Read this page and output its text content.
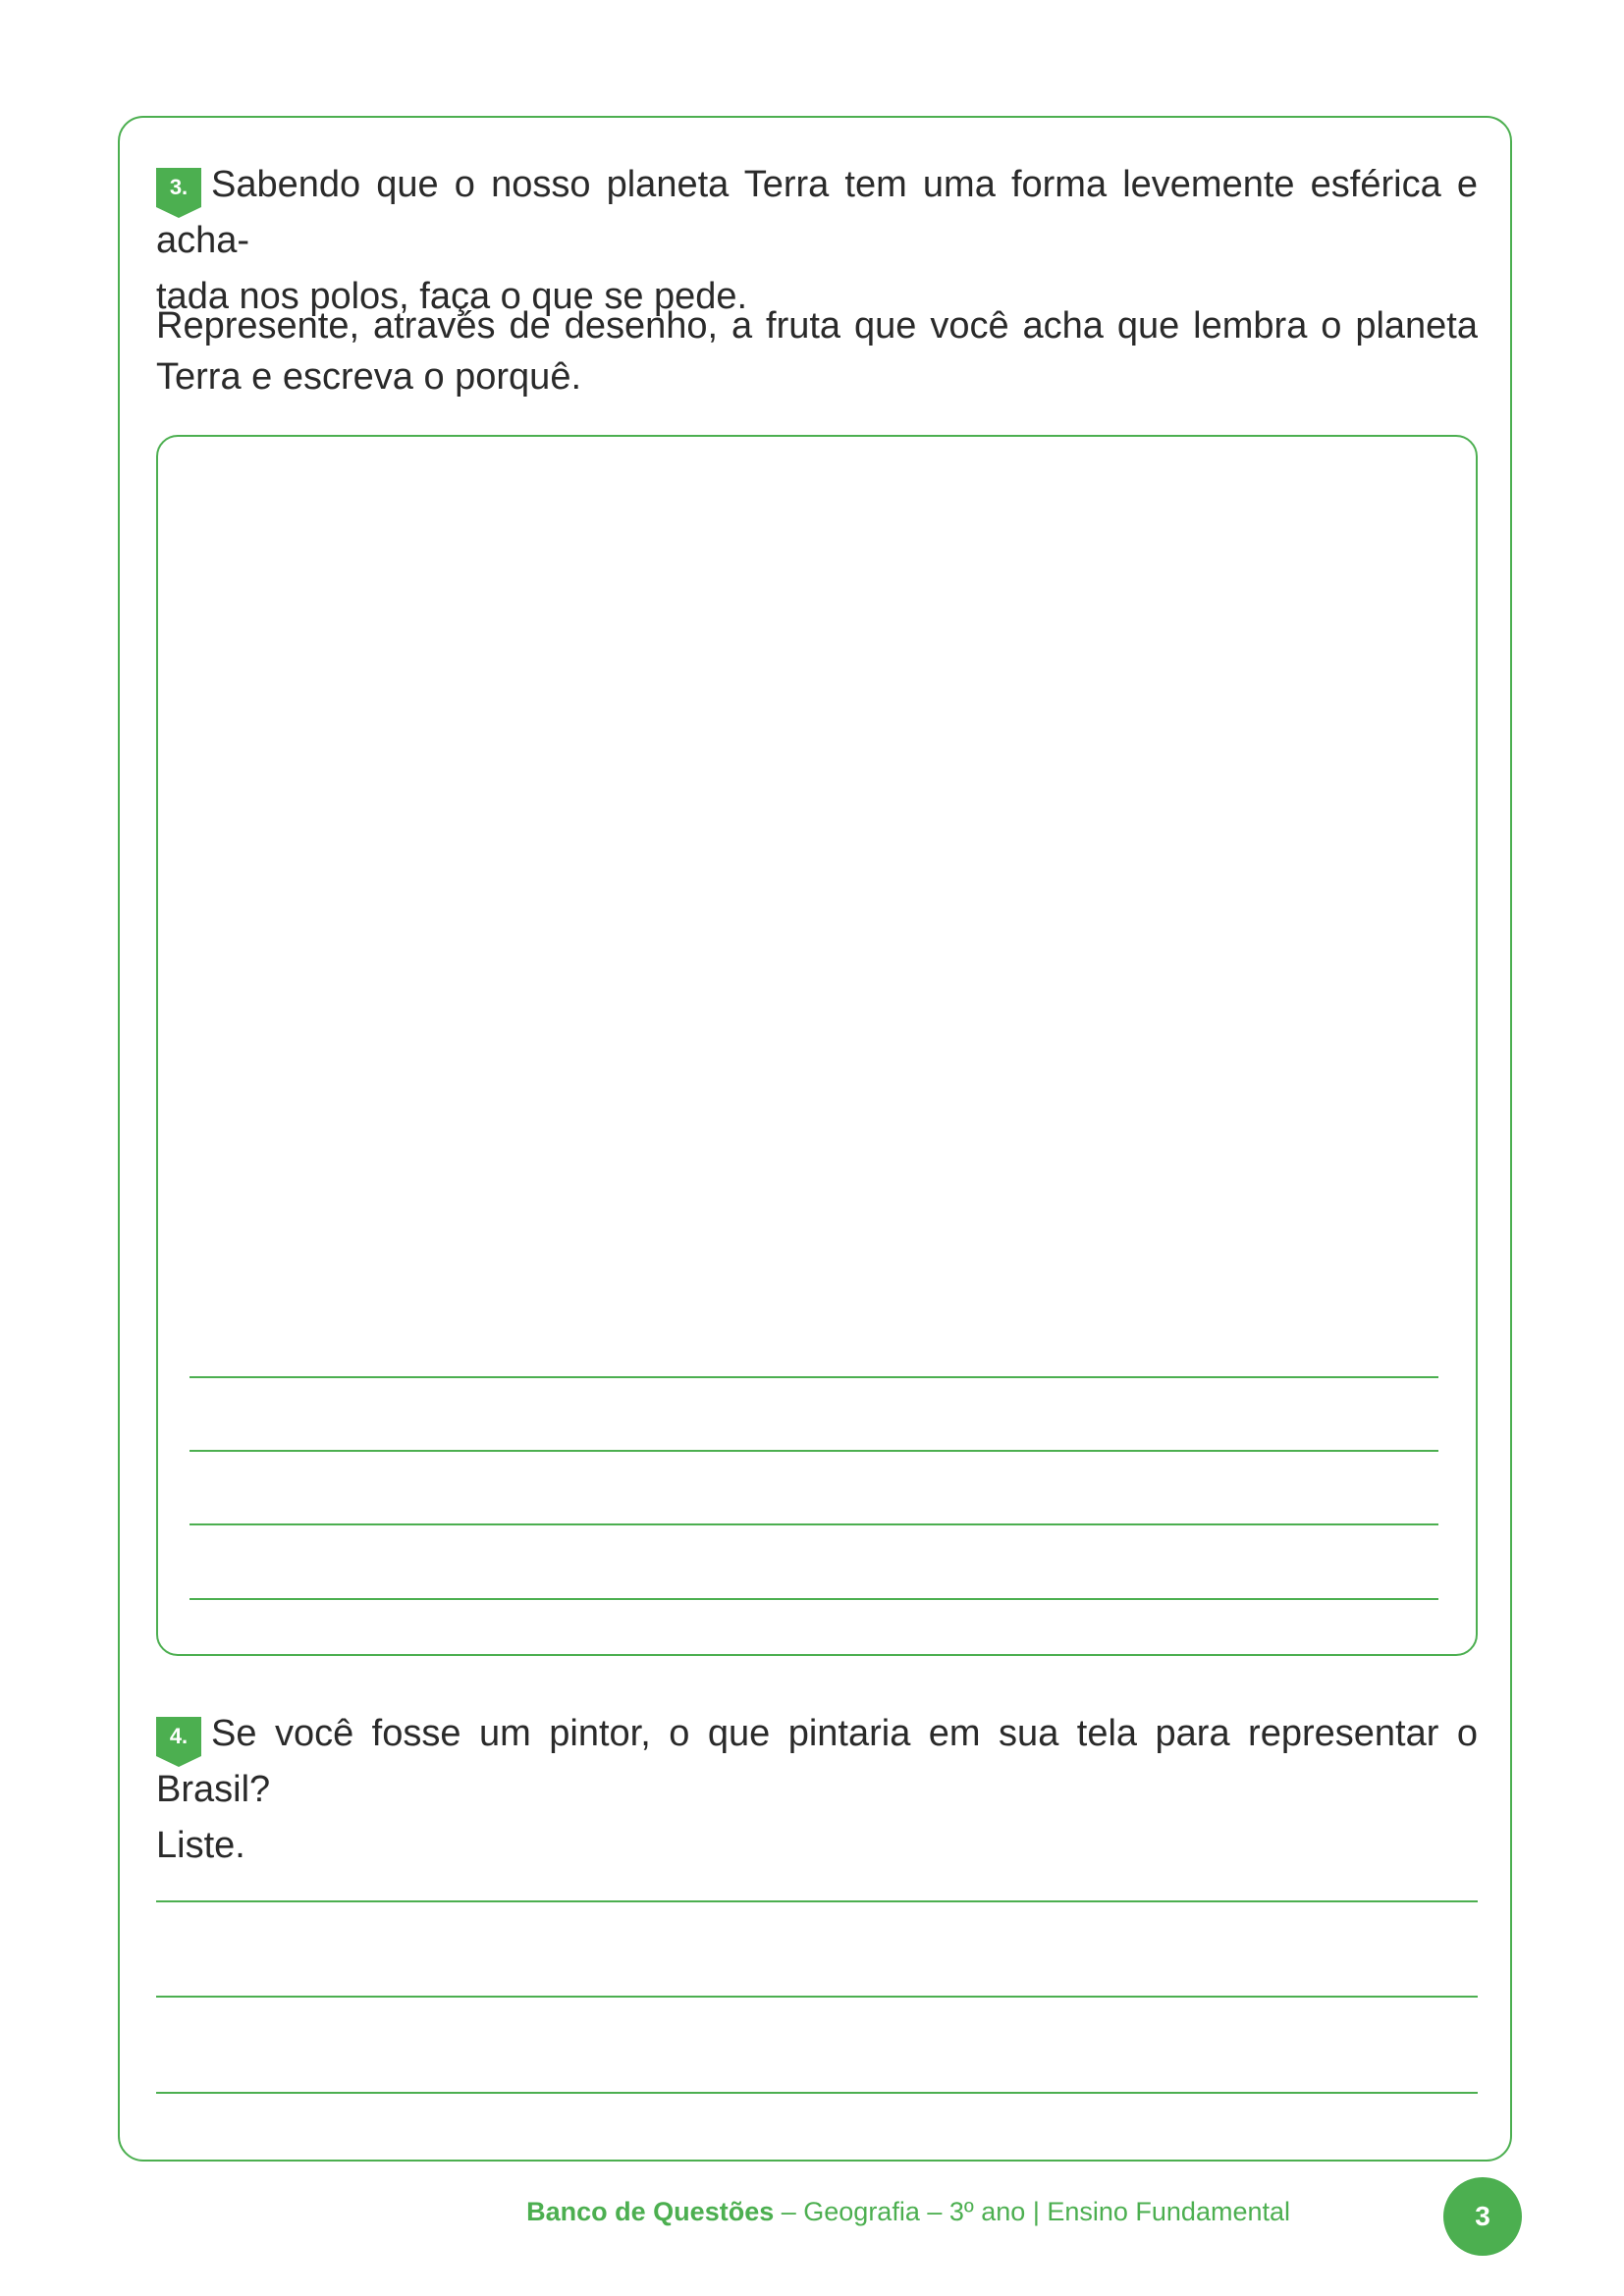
3. Sabendo que o nosso planeta Terra tem uma forma levemente esférica e acha-
tada nos polos, faça o que se pede.

Represente, através de desenho, a fruta que você acha que lembra o planeta Terra e escreva o porquê.

4. Se você fosse um pintor, o que pintaria em sua tela para representar o Brasil?
Liste.

Banco de Questões – Geografia – 3º ano | Ensino Fundamental	3
